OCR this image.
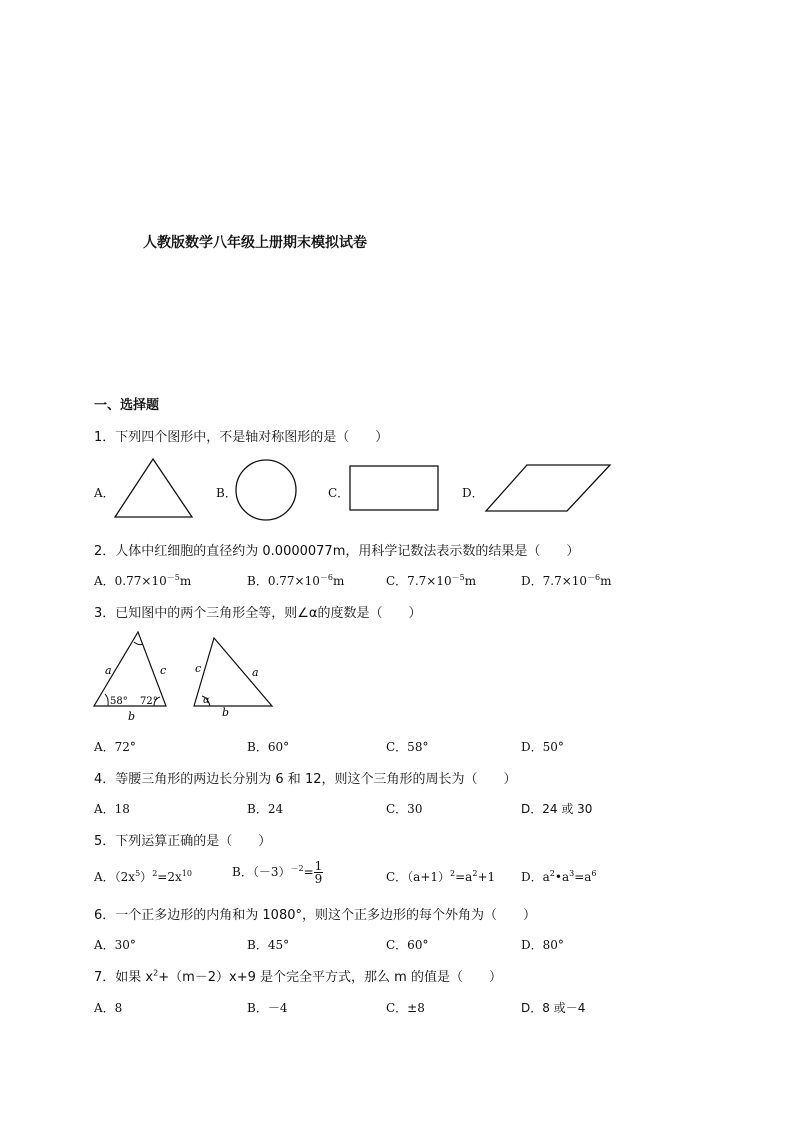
人教版数学八年级上册期末模拟试卷
一、选择题
1．下列四个图形中，不是轴对称图形的是（　　）
A．	B．	C．	D．
2．人体中红细胞的直径约为 0.0000077m，用科学记数法表示数的结果是（　　）
A．$0.77\times 10^{-5}m$	B．$0.77\times 10^{-6}m$	C．$7.7\times 10^{-5}m$	D．$7.7\times 10^{-6}m$
3．已知图中的两个三角形全等，则∠α的度数是（　　）
a	c
b
58° 72°
c	a
b
α
A．72°	B．60°	C．58°	D．50°
4．等腰三角形的两边长分别为 6 和 12，则这个三角形的周长为（　　）
A．18	B．24	C．30	D．24 或 30
5．下列运算正确的是（　　）
A．$(2x^5)^2=2x^{10}$	B．$(-3)^{-2}= \frac{1}{9}$	C．$(a+1)^2=a^2+1$ D．$a^2•a^3=a^6$
6．一个正多边形的内角和为 1080°，则这个正多边形的每个外角为（　　）
A．30°	B．45°	C．60°	D．80°
7．如果 $x^2+(m-2)x+9$ 是个完全平方式，那么 m 的值是（　　）
A．8	B．－4	C．±8	D．8 或－4
